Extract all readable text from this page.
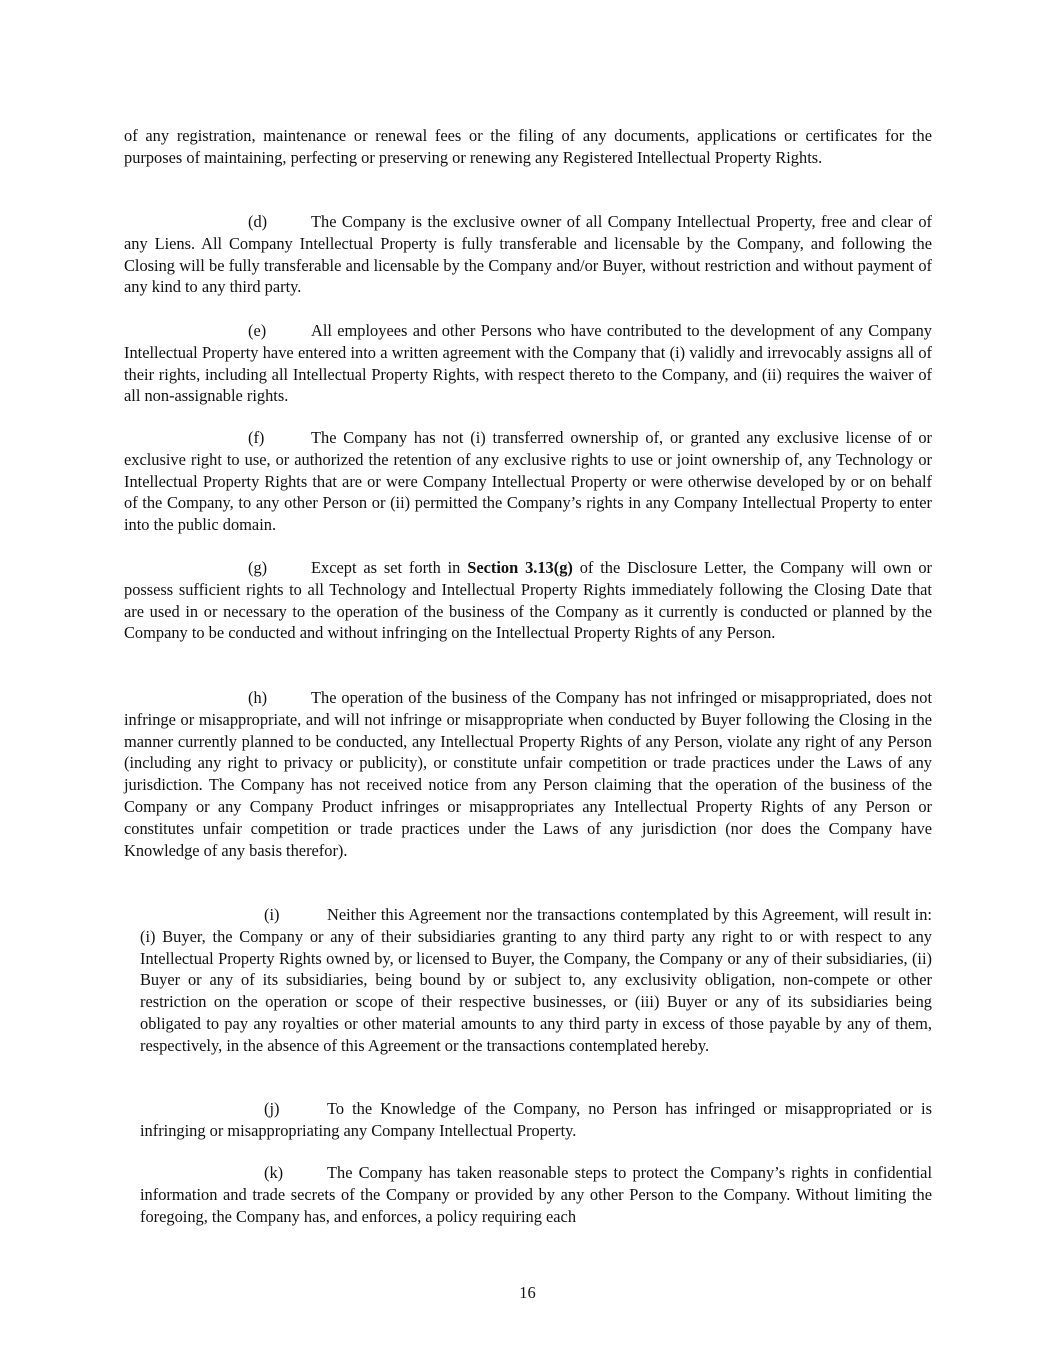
of any registration, maintenance or renewal fees or the filing of any documents, applications or certificates for the purposes of maintaining, perfecting or preserving or renewing any Registered Intellectual Property Rights.

(d)	The Company is the exclusive owner of all Company Intellectual Property, free and clear of any Liens. All Company Intellectual Property is fully transferable and licensable by the Company, and following the Closing will be fully transferable and licensable by the Company and/or Buyer, without restriction and without payment of any kind to any third party.

(e)	All employees and other Persons who have contributed to the development of any Company Intellectual Property have entered into a written agreement with the Company that (i) validly and irrevocably assigns all of their rights, including all Intellectual Property Rights, with respect thereto to the Company, and (ii) requires the waiver of all non-assignable rights.

(f)	The Company has not (i) transferred ownership of, or granted any exclusive license of or exclusive right to use, or authorized the retention of any exclusive rights to use or joint ownership of, any Technology or Intellectual Property Rights that are or were Company Intellectual Property or were otherwise developed by or on behalf of the Company, to any other Person or (ii) permitted the Company’s rights in any Company Intellectual Property to enter into the public domain.

(g)	Except as set forth in Section 3.13(g) of the Disclosure Letter, the Company will own or possess sufficient rights to all Technology and Intellectual Property Rights immediately following the Closing Date that are used in or necessary to the operation of the business of the Company as it currently is conducted or planned by the Company to be conducted and without infringing on the Intellectual Property Rights of any Person.

(h)	The operation of the business of the Company has not infringed or misappropriated, does not infringe or misappropriate, and will not infringe or misappropriate when conducted by Buyer following the Closing in the manner currently planned to be conducted, any Intellectual Property Rights of any Person, violate any right of any Person (including any right to privacy or publicity), or constitute unfair competition or trade practices under the Laws of any jurisdiction. The Company has not received notice from any Person claiming that the operation of the business of the Company or any Company Product infringes or misappropriates any Intellectual Property Rights of any Person or constitutes unfair competition or trade practices under the Laws of any jurisdiction (nor does the Company have Knowledge of any basis therefor).

(i)	Neither this Agreement nor the transactions contemplated by this Agreement, will result in: (i) Buyer, the Company or any of their subsidiaries granting to any third party any right to or with respect to any Intellectual Property Rights owned by, or licensed to Buyer, the Company, the Company or any of their subsidiaries, (ii) Buyer or any of its subsidiaries, being bound by or subject to, any exclusivity obligation, non-compete or other restriction on the operation or scope of their respective businesses, or (iii) Buyer or any of its subsidiaries being obligated to pay any royalties or other material amounts to any third party in excess of those payable by any of them, respectively, in the absence of this Agreement or the transactions contemplated hereby.

(j)	To the Knowledge of the Company, no Person has infringed or misappropriated or is infringing or misappropriating any Company Intellectual Property.

(k)	The Company has taken reasonable steps to protect the Company’s rights in confidential information and trade secrets of the Company or provided by any other Person to the Company. Without limiting the foregoing, the Company has, and enforces, a policy requiring each

16
